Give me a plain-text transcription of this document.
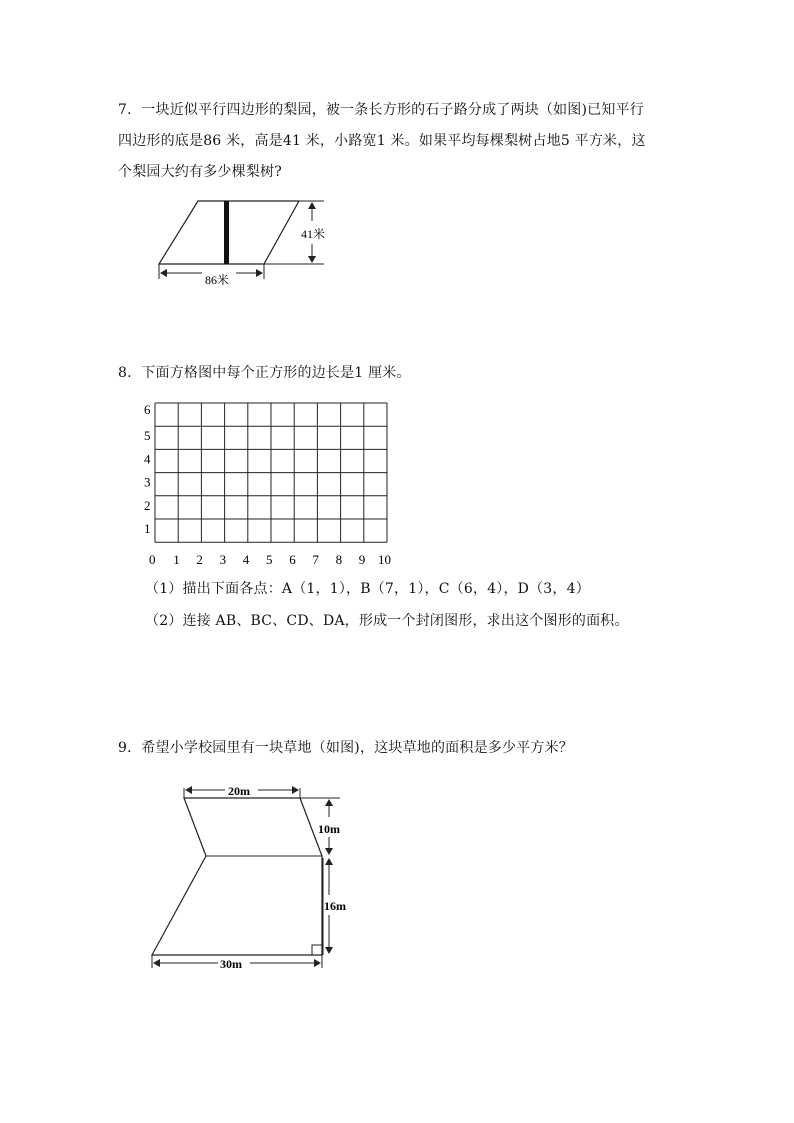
7．一块近似平行四边形的梨园，被一条长方形的石子路分成了两块（如图)已知平行
四边形的底是86 米，高是41 米，小路宽1 米。如果平均每棵梨树占地5 平方米，这
个梨园大约有多少棵梨树?
41米
86米
8．下面方格图中每个正方形的边长是1 厘米。
1
2
3
4
5
6
0 1 2 3 4 5 6 7 8 9 10
（1）描出下面各点：A（1，1），B（7，1），C（6，4），D（3，4）
（2）连接 AB、BC、CD、DA，形成一个封闭图形，求出这个图形的面积。
9．希望小学校园里有一块草地（如图)，这块草地的面积是多少平方米？
20m
10m
16m
30m
